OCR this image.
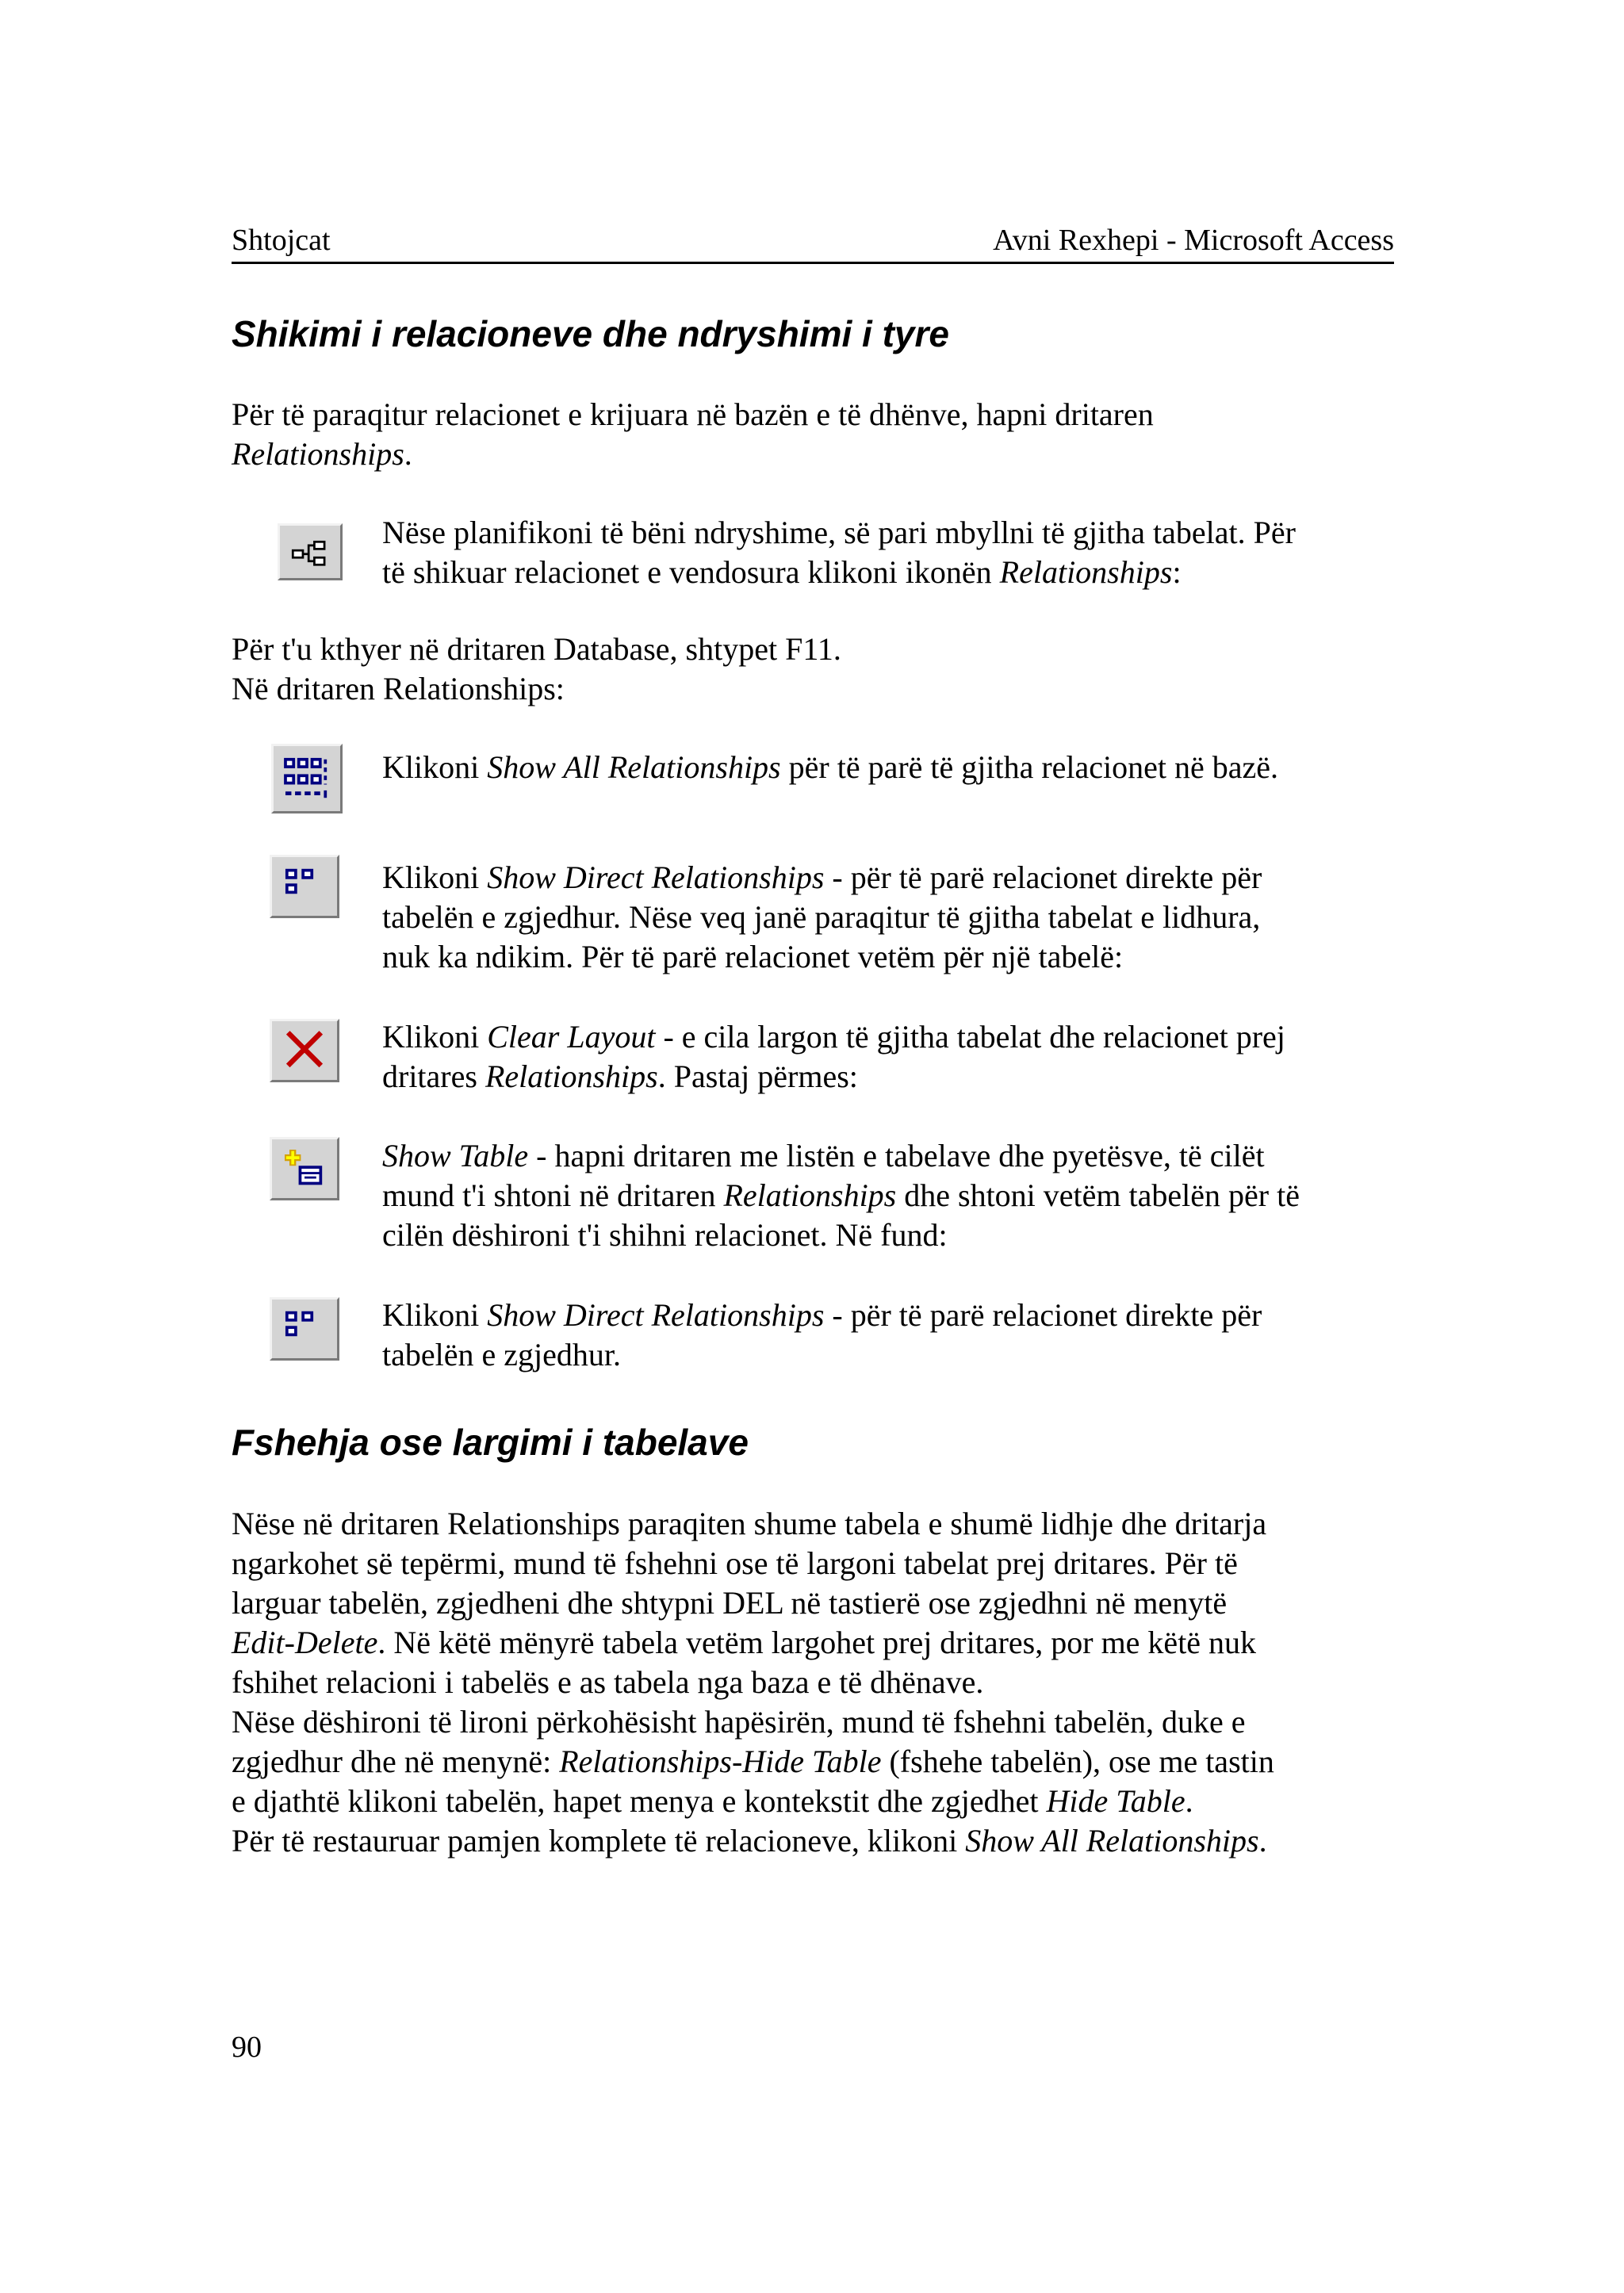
Shtojcat	Avni Rexhepi - Microsoft Access
Shikimi i relacioneve dhe ndryshimi i tyre

Për të paraqitur relacionet e krijuara në bazën e të dhënve, hapni dritaren
Relationships.

Nëse planifikoni të bëni ndryshime, së pari mbyllni të gjitha tabelat. Për
të shikuar relacionet e vendosura klikoni ikonën Relationships:

Për t'u kthyer në dritaren Database, shtypet F11.
Në dritaren Relationships:

Klikoni Show All Relationships për të parë të gjitha relacionet në bazë.

Klikoni Show Direct Relationships - për të parë relacionet direkte për
tabelën e zgjedhur. Nëse veq janë paraqitur të gjitha tabelat e lidhura,
nuk ka ndikim. Për të parë relacionet vetëm për një tabelë:

Klikoni Clear Layout - e cila largon të gjitha tabelat dhe relacionet prej
dritares Relationships. Pastaj përmes:

Show Table - hapni dritaren me listën e tabelave dhe pyetësve, të cilët
mund t'i shtoni në dritaren Relationships dhe shtoni vetëm tabelën për të
cilën dëshironi t'i shihni relacionet. Në fund:

Klikoni Show Direct Relationships - për të parë relacionet direkte për
tabelën e zgjedhur.

Fshehja ose largimi i tabelave

Nëse në dritaren Relationships paraqiten shume tabela e shumë lidhje dhe dritarja
ngarkohet së tepërmi, mund të fshehni ose të largoni tabelat prej dritares. Për të
larguar tabelën, zgjedheni dhe shtypni DEL në tastierë ose zgjedhni në menytë
Edit-Delete. Në këtë mënyrë tabela vetëm largohet prej dritares, por me këtë nuk
fshihet relacioni i tabelës e as tabela nga baza e të dhënave.
Nëse dëshironi të lironi përkohësisht hapësirën, mund të fshehni tabelën, duke e
zgjedhur dhe në menynë: Relationships-Hide Table (fshehe tabelën), ose me tastin
e djathtë klikoni tabelën, hapet menya e kontekstit dhe zgjedhet Hide Table.
Për të restauruar pamjen komplete të relacioneve, klikoni Show All Relationships.

90
